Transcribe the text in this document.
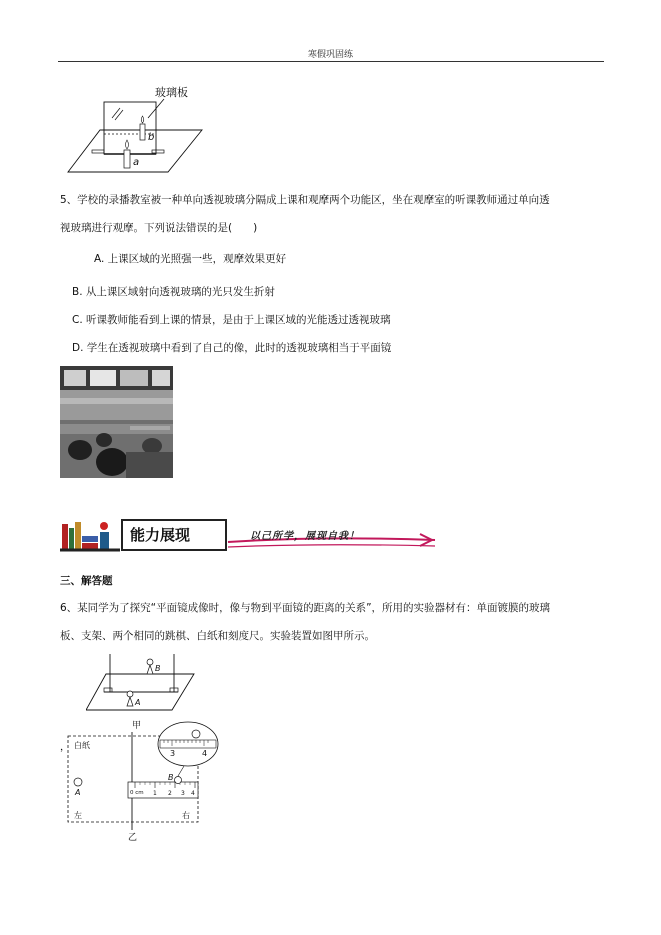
寒假巩固练
玻璃板
b
a
5、学校的录播教室被一种单向透视玻璃分隔成上课和观摩两个功能区，坐在观摩室的听课教师通过单向透
视玻璃进行观摩。下列说法错误的是(　　)
A. 上课区域的光照强一些，观摩效果更好
B. 从上课区域射向透视玻璃的光只发生折射
C. 听课教师能看到上课的情景，是由于上课区域的光能透过透视玻璃
D. 学生在透视玻璃中看到了自己的像，此时的透视玻璃相当于平面镜
能力展现	以己所学，展现自我！
三、解答题
6、某同学为了探究“平面镜成像时，像与物到平面镜的距离的关系”，所用的实验器材有：单面镀膜的玻璃
板、支架、两个相同的跳棋、白纸和刻度尺。实验装置如图甲所示。
B
A
甲
， 白纸
A
左	右
0 cm 1 2 3 4
B
3	4
乙
